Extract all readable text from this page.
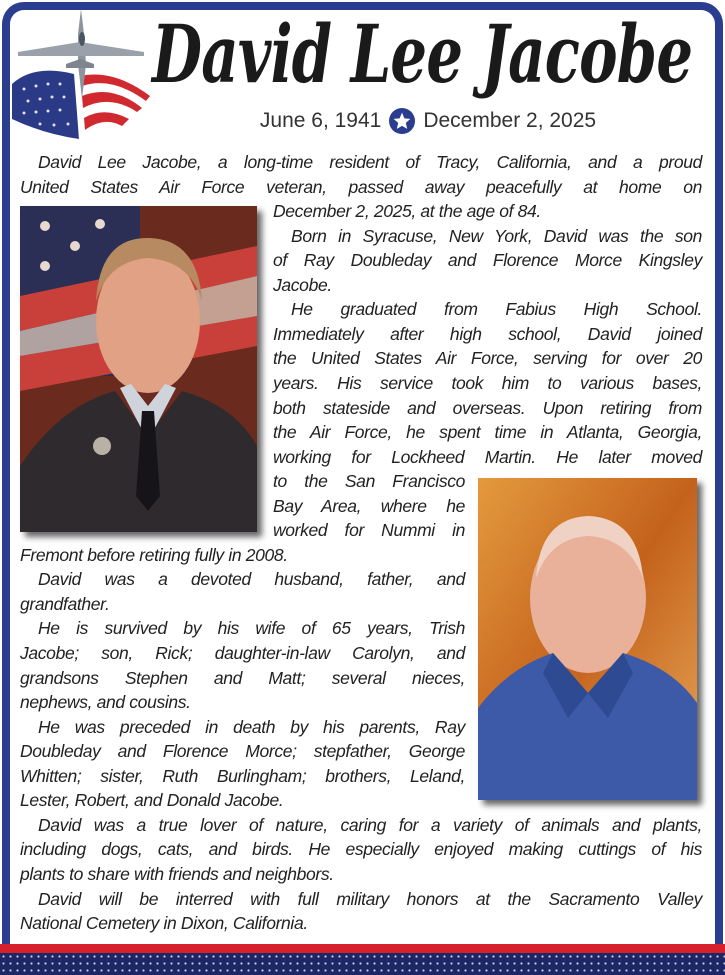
David Lee Jacobe
June 6, 1941 December 2, 2025
David Lee Jacobe, a long-time resident of Tracy, California, and a proud
United States Air Force veteran, passed away peacefully at home on
December 2, 2025, at the age of 84.
Born in Syracuse, New York, David was the son
of Ray Doubleday and Florence Morce Kingsley
Jacobe.
He graduated from Fabius High School.
Immediately after high school, David joined
the United States Air Force, serving for over 20
years. His service took him to various bases,
both stateside and overseas. Upon retiring from
the Air Force, he spent time in Atlanta, Georgia,
working for Lockheed Martin. He later moved
to the San Francisco
Bay Area, where he
worked for Nummi in
Fremont before retiring fully in 2008.
David was a devoted husband, father, and
grandfather.
He is survived by his wife of 65 years, Trish
Jacobe; son, Rick; daughter-in-law Carolyn, and
grandsons Stephen and Matt; several nieces,
nephews, and cousins.
He was preceded in death by his parents, Ray
Doubleday and Florence Morce; stepfather, George
Whitten; sister, Ruth Burlingham; brothers, Leland,
Lester, Robert, and Donald Jacobe.
David was a true lover of nature, caring for a variety of animals and plants,
including dogs, cats, and birds. He especially enjoyed making cuttings of his
plants to share with friends and neighbors.
David will be interred with full military honors at the Sacramento Valley
National Cemetery in Dixon, California.
